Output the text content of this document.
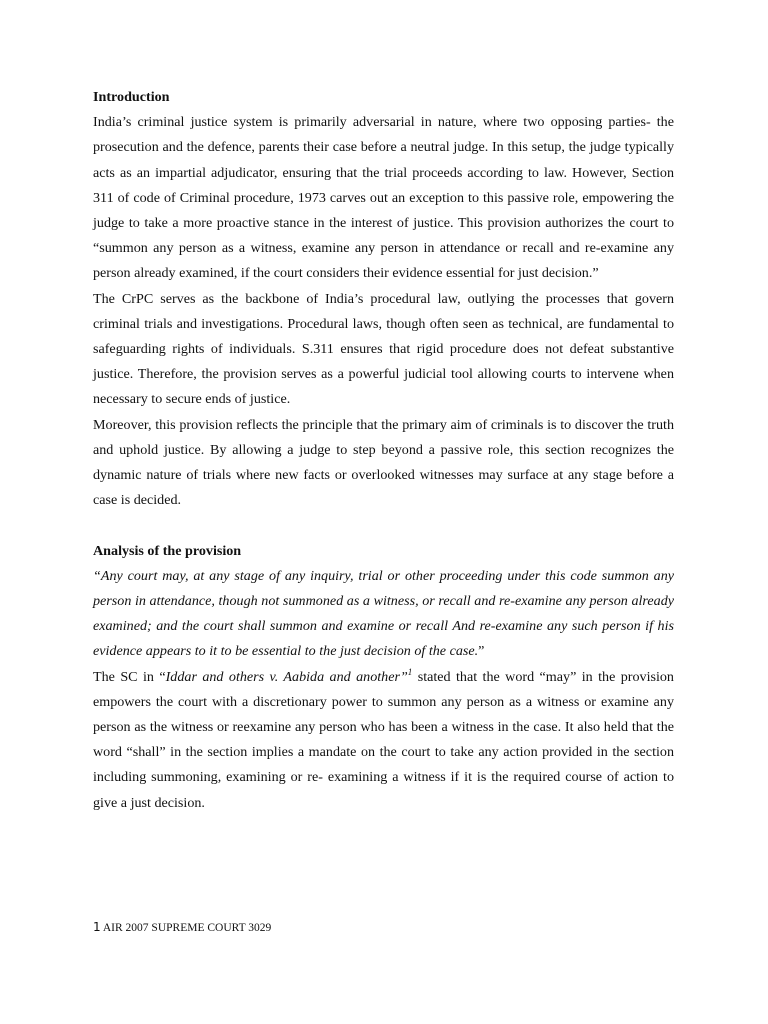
Introduction

India’s criminal justice system is primarily adversarial in nature, where two opposing parties- the prosecution and the defence, parents their case before a neutral judge. In this setup, the judge typically acts as an impartial adjudicator, ensuring that the trial proceeds according to law. However, Section 311 of code of Criminal procedure, 1973 carves out an exception to this passive role, empowering the judge to take a more proactive stance in the interest of justice. This provision authorizes the court to “summon any person as a witness, examine any person in attendance or recall and re-examine any person already examined, if the court considers their evidence essential for just decision.”

The CrPC serves as the backbone of India’s procedural law, outlying the processes that govern criminal trials and investigations. Procedural laws, though often seen as technical, are fundamental to safeguarding rights of individuals. S.311 ensures that rigid procedure does not defeat substantive justice. Therefore, the provision serves as a powerful judicial tool allowing courts to intervene when necessary to secure ends of justice.

Moreover, this provision reflects the principle that the primary aim of criminals is to discover the truth and uphold justice. By allowing a judge to step beyond a passive role, this section recognizes the dynamic nature of trials where new facts or overlooked witnesses may surface at any stage before a case is decided.

Analysis of the provision

“Any court may, at any stage of any inquiry, trial or other proceeding under this code summon any person in attendance, though not summoned as a witness, or recall and re-examine any person already examined; and the court shall summon and examine or recall And re-examine any such person if his evidence appears to it to be essential to the just decision of the case.”

The SC in “Iddar and others v. Aabida and another”$^1$ stated that the word “may” in the provision empowers the court with a discretionary power to summon any person as a witness or examine any person as the witness or reexamine any person who has been a witness in the case. It also held that the word “shall” in the section implies a mandate on the court to take any action provided in the section including summoning, examining or re- examining a witness if it is the required course of action to give a just decision.

1 AIR 2007 SUPREME COURT 3029
